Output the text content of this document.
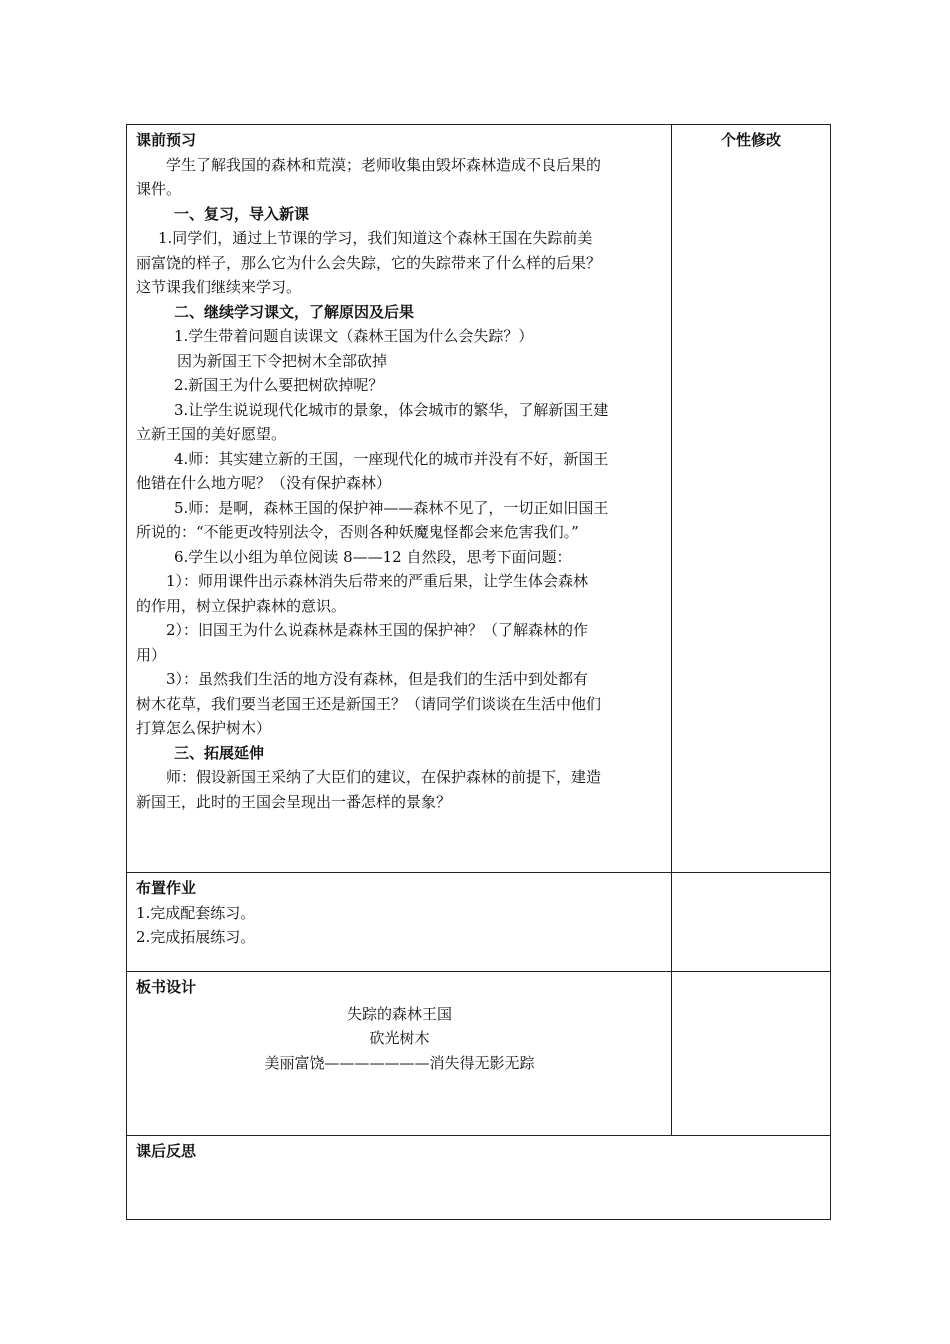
课前预习

学生了解我国的森林和荒漠；老师收集由毁坏森林造成不良后果的

课件。

一、复习，导入新课

1.同学们，通过上节课的学习，我们知道这个森林王国在失踪前美

丽富饶的样子，那么它为什么会失踪，它的失踪带来了什么样的后果？

这节课我们继续来学习。

二、继续学习课文，了解原因及后果

1.学生带着问题自读课文（森林王国为什么会失踪？）

因为新国王下令把树木全部砍掉

2.新国王为什么要把树砍掉呢？

3.让学生说说现代化城市的景象，体会城市的繁华，了解新国王建

立新王国的美好愿望。

4.师：其实建立新的王国，一座现代化的城市并没有不好，新国王

他错在什么地方呢？（没有保护森林）

5.师：是啊，森林王国的保护神——森林不见了，一切正如旧国王

所说的：“不能更改特别法令，否则各种妖魔鬼怪都会来危害我们。”

6.学生以小组为单位阅读 8——12 自然段，思考下面问题：

1）：师用课件出示森林消失后带来的严重后果，让学生体会森林

的作用，树立保护森林的意识。

2）：旧国王为什么说森林是森林王国的保护神？（了解森林的作

用）

3）：虽然我们生活的地方没有森林，但是我们的生活中到处都有

树木花草，我们要当老国王还是新国王？（请同学们谈谈在生活中他们

打算怎么保护树木）

三、拓展延伸

师：假设新国王采纳了大臣们的建议，在保护森林的前提下，建造

新国王，此时的王国会呈现出一番怎样的景象？

个性修改

布置作业

1.完成配套练习。

2.完成拓展练习。

板书设计

失踪的森林王国

砍光树木

美丽富饶———————消失得无影无踪

课后反思
